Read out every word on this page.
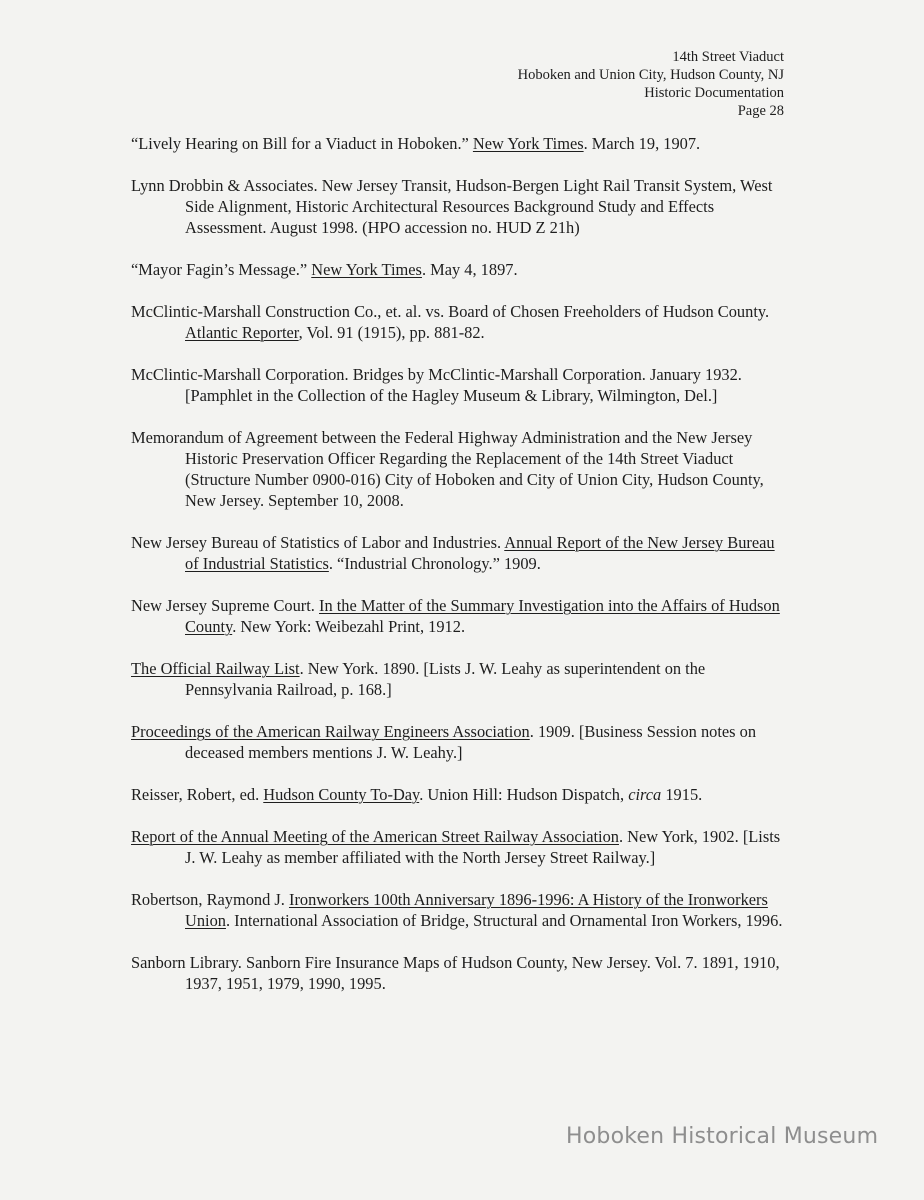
14th Street Viaduct
Hoboken and Union City, Hudson County, NJ
Historic Documentation
Page 28

“Lively Hearing on Bill for a Viaduct in Hoboken.” New York Times. March 19, 1907.

Lynn Drobbin & Associates. New Jersey Transit, Hudson-Bergen Light Rail Transit System, West Side Alignment, Historic Architectural Resources Background Study and Effects Assessment. August 1998. (HPO accession no. HUD Z 21h)

“Mayor Fagin’s Message.” New York Times. May 4, 1897.

McClintic-Marshall Construction Co., et. al. vs. Board of Chosen Freeholders of Hudson County. Atlantic Reporter, Vol. 91 (1915), pp. 881-82.

McClintic-Marshall Corporation. Bridges by McClintic-Marshall Corporation. January 1932. [Pamphlet in the Collection of the Hagley Museum & Library, Wilmington, Del.]

Memorandum of Agreement between the Federal Highway Administration and the New Jersey Historic Preservation Officer Regarding the Replacement of the 14th Street Viaduct (Structure Number 0900-016) City of Hoboken and City of Union City, Hudson County, New Jersey. September 10, 2008.

New Jersey Bureau of Statistics of Labor and Industries. Annual Report of the New Jersey Bureau of Industrial Statistics. “Industrial Chronology.” 1909.

New Jersey Supreme Court. In the Matter of the Summary Investigation into the Affairs of Hudson County. New York: Weibezahl Print, 1912.

The Official Railway List. New York. 1890. [Lists J. W. Leahy as superintendent on the Pennsylvania Railroad, p. 168.]

Proceedings of the American Railway Engineers Association. 1909. [Business Session notes on deceased members mentions J. W. Leahy.]

Reisser, Robert, ed. Hudson County To-Day. Union Hill: Hudson Dispatch, circa 1915.

Report of the Annual Meeting of the American Street Railway Association. New York, 1902. [Lists J. W. Leahy as member affiliated with the North Jersey Street Railway.]

Robertson, Raymond J. Ironworkers 100th Anniversary 1896-1996: A History of the Ironworkers Union. International Association of Bridge, Structural and Ornamental Iron Workers, 1996.

Sanborn Library. Sanborn Fire Insurance Maps of Hudson County, New Jersey. Vol. 7. 1891, 1910, 1937, 1951, 1979, 1990, 1995.

Hoboken Historical Museum
